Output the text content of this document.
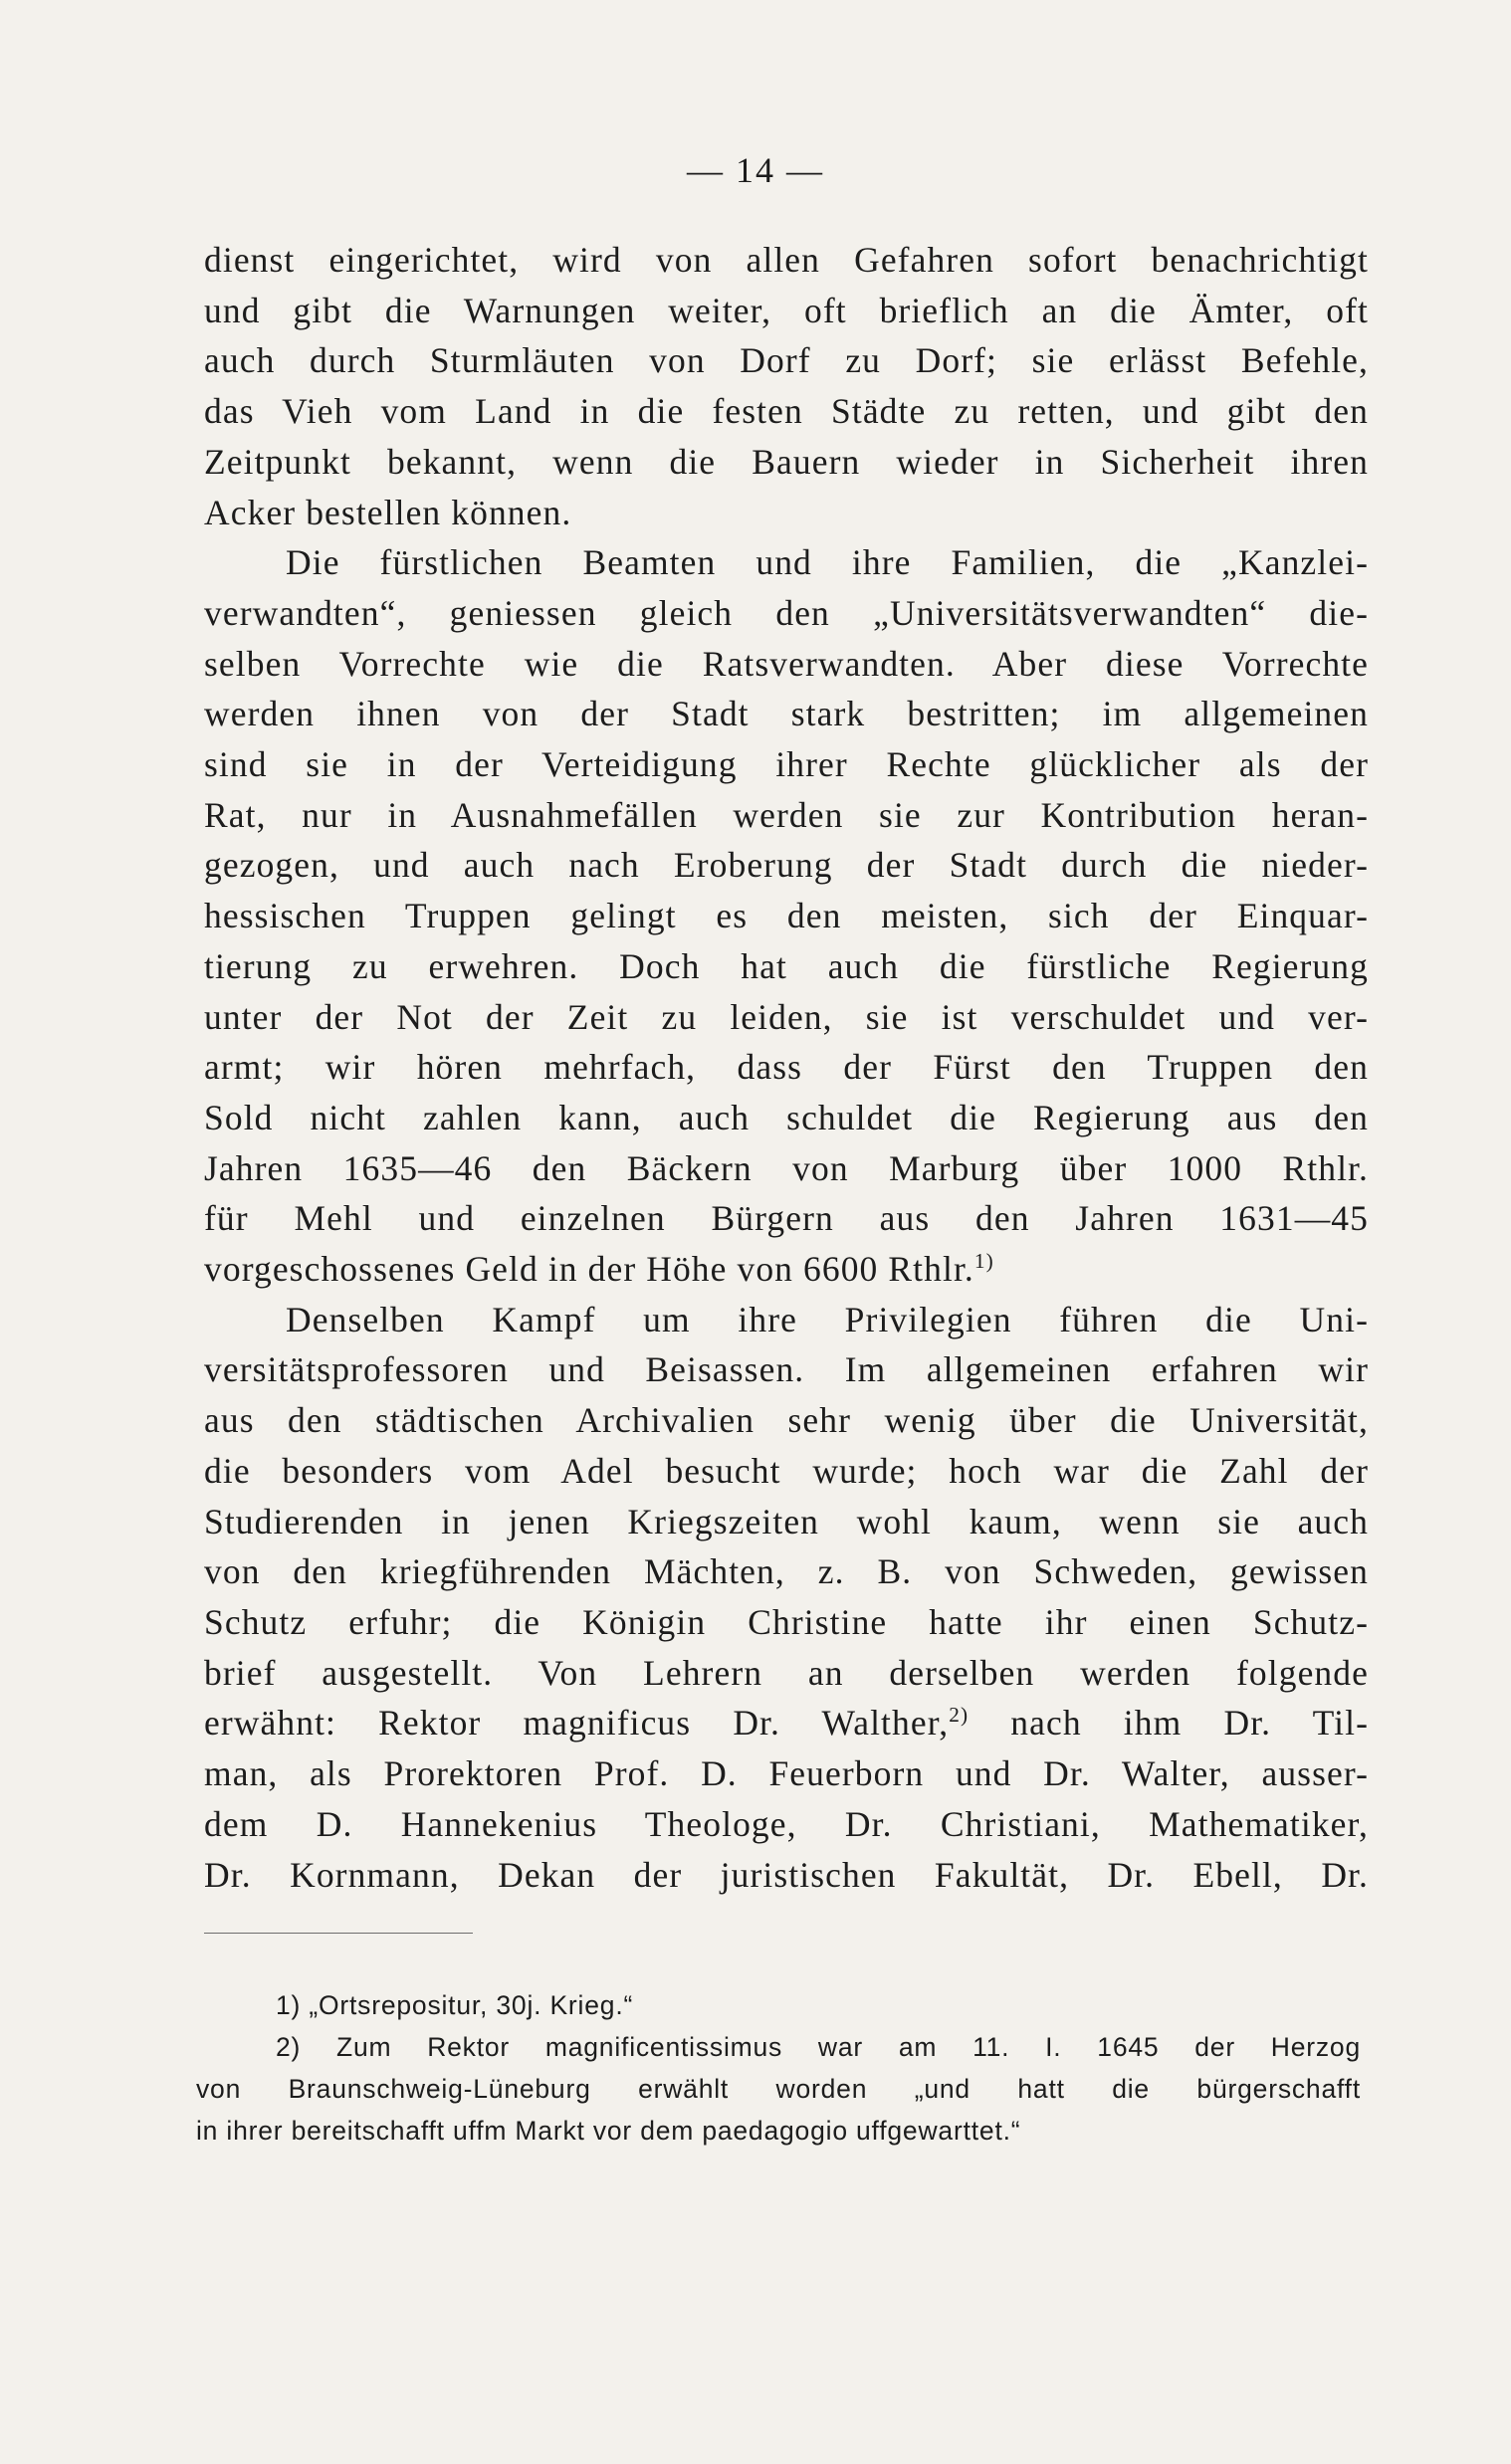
— 14 —
dienst eingerichtet, wird von allen Gefahren sofort benachrichtigt
und gibt die Warnungen weiter, oft brieflich an die Ämter, oft
auch durch Sturmläuten von Dorf zu Dorf; sie erlässt Befehle,
das Vieh vom Land in die festen Städte zu retten, und gibt den
Zeitpunkt bekannt, wenn die Bauern wieder in Sicherheit ihren
Acker bestellen können.
Die fürstlichen Beamten und ihre Familien, die „Kanzlei-
verwandten“, geniessen gleich den „Universitätsverwandten“ die-
selben Vorrechte wie die Ratsverwandten. Aber diese Vorrechte
werden ihnen von der Stadt stark bestritten; im allgemeinen
sind sie in der Verteidigung ihrer Rechte glücklicher als der
Rat, nur in Ausnahmefällen werden sie zur Kontribution heran-
gezogen, und auch nach Eroberung der Stadt durch die nieder-
hessischen Truppen gelingt es den meisten, sich der Einquar-
tierung zu erwehren. Doch hat auch die fürstliche Regierung
unter der Not der Zeit zu leiden, sie ist verschuldet und ver-
armt; wir hören mehrfach, dass der Fürst den Truppen den
Sold nicht zahlen kann, auch schuldet die Regierung aus den
Jahren 1635—46 den Bäckern von Marburg über 1000 Rthlr.
für Mehl und einzelnen Bürgern aus den Jahren 1631—45
vorgeschossenes Geld in der Höhe von 6600 Rthlr.$^{1)}$
Denselben Kampf um ihre Privilegien führen die Uni-
versitätsprofessoren und Beisassen. Im allgemeinen erfahren wir
aus den städtischen Archivalien sehr wenig über die Universität,
die besonders vom Adel besucht wurde; hoch war die Zahl der
Studierenden in jenen Kriegszeiten wohl kaum, wenn sie auch
von den kriegführenden Mächten, z. B. von Schweden, gewissen
Schutz erfuhr; die Königin Christine hatte ihr einen Schutz-
brief ausgestellt. Von Lehrern an derselben werden folgende
erwähnt: Rektor magnificus Dr. Walther,$^{2)}$ nach ihm Dr. Til-
man, als Prorektoren Prof. D. Feuerborn und Dr. Walter, ausser-
dem D. Hannekenius Theologe, Dr. Christiani, Mathematiker,
Dr. Kornmann, Dekan der juristischen Fakultät, Dr. Ebell, Dr.
1) „Ortsrepositur, 30j. Krieg.“
2) Zum Rektor magnificentissimus war am 11. I. 1645 der Herzog
von Braunschweig-Lüneburg erwählt worden „und hatt die bürgerschafft
in ihrer bereitschafft uffm Markt vor dem paedagogio uffgewarttet.“
